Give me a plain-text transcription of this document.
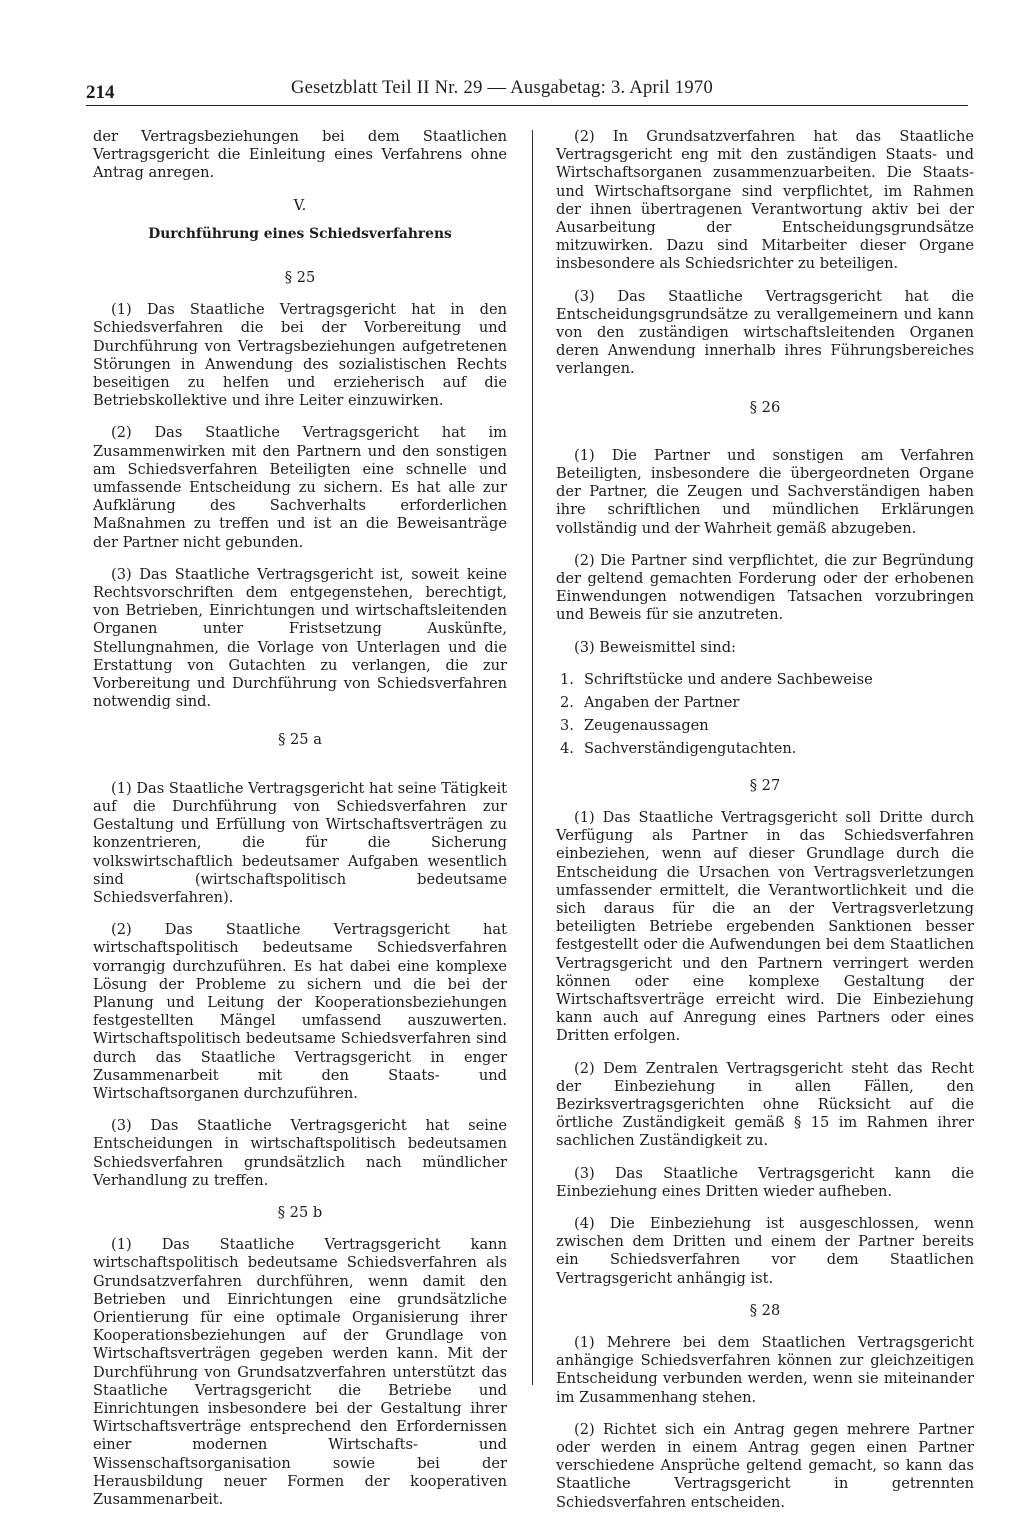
214	Gesetzblatt Teil II Nr. 29 — Ausgabetag: 3. April 1970

der Vertragsbeziehungen bei dem Staatlichen Vertragsgericht die Einleitung eines Verfahrens ohne Antrag anregen.

V.
Durchführung eines Schiedsverfahrens
§ 25

(1) Das Staatliche Vertragsgericht hat in den Schiedsverfahren die bei der Vorbereitung und Durchführung von Vertragsbeziehungen aufgetretenen Störungen in Anwendung des sozialistischen Rechts beseitigen zu helfen und erzieherisch auf die Betriebskollektive und ihre Leiter einzuwirken.

(2) Das Staatliche Vertragsgericht hat im Zusammenwirken mit den Partnern und den sonstigen am Schiedsverfahren Beteiligten eine schnelle und umfassende Entscheidung zu sichern. Es hat alle zur Aufklärung des Sachverhalts erforderlichen Maßnahmen zu treffen und ist an die Beweisanträge der Partner nicht gebunden.

(3) Das Staatliche Vertragsgericht ist, soweit keine Rechtsvorschriften dem entgegenstehen, berechtigt, von Betrieben, Einrichtungen und wirtschaftsleitenden Organen unter Fristsetzung Auskünfte, Stellungnahmen, die Vorlage von Unterlagen und die Erstattung von Gutachten zu verlangen, die zur Vorbereitung und Durchführung von Schiedsverfahren notwendig sind.

§ 25 a

(1) Das Staatliche Vertragsgericht hat seine Tätigkeit auf die Durchführung von Schiedsverfahren zur Gestaltung und Erfüllung von Wirtschaftsverträgen zu konzentrieren, die für die Sicherung volkswirtschaftlich bedeutsamer Aufgaben wesentlich sind (wirtschaftspolitisch bedeutsame Schiedsverfahren).

(2) Das Staatliche Vertragsgericht hat wirtschaftspolitisch bedeutsame Schiedsverfahren vorrangig durchzuführen. Es hat dabei eine komplexe Lösung der Probleme zu sichern und die bei der Planung und Leitung der Kooperationsbeziehungen festgestellten Mängel umfassend auszuwerten. Wirtschaftspolitisch bedeutsame Schiedsverfahren sind durch das Staatliche Vertragsgericht in enger Zusammenarbeit mit den Staats- und Wirtschaftsorganen durchzuführen.

(3) Das Staatliche Vertragsgericht hat seine Entscheidungen in wirtschaftspolitisch bedeutsamen Schiedsverfahren grundsätzlich nach mündlicher Verhandlung zu treffen.

§ 25 b

(1) Das Staatliche Vertragsgericht kann wirtschaftspolitisch bedeutsame Schiedsverfahren als Grundsatzverfahren durchführen, wenn damit den Betrieben und Einrichtungen eine grundsätzliche Orientierung für eine optimale Organisierung ihrer Kooperationsbeziehungen auf der Grundlage von Wirtschaftsverträgen gegeben werden kann. Mit der Durchführung von Grundsatzverfahren unterstützt das Staatliche Vertragsgericht die Betriebe und Einrichtungen insbesondere bei der Gestaltung ihrer Wirtschaftsverträge entsprechend den Erfordernissen einer modernen Wirtschafts- und Wissenschaftsorganisation sowie bei der Herausbildung neuer Formen der kooperativen Zusammenarbeit.

(2) In Grundsatzverfahren hat das Staatliche Vertragsgericht eng mit den zuständigen Staats- und Wirtschaftsorganen zusammenzuarbeiten. Die Staats- und Wirtschaftsorgane sind verpflichtet, im Rahmen der ihnen übertragenen Verantwortung aktiv bei der Ausarbeitung der Entscheidungsgrundsätze mitzuwirken. Dazu sind Mitarbeiter dieser Organe insbesondere als Schiedsrichter zu beteiligen.

(3) Das Staatliche Vertragsgericht hat die Entscheidungsgrundsätze zu verallgemeinern und kann von den zuständigen wirtschaftsleitenden Organen deren Anwendung innerhalb ihres Führungsbereiches verlangen.

§ 26

(1) Die Partner und sonstigen am Verfahren Beteiligten, insbesondere die übergeordneten Organe der Partner, die Zeugen und Sachverständigen haben ihre schriftlichen und mündlichen Erklärungen vollständig und der Wahrheit gemäß abzugeben.

(2) Die Partner sind verpflichtet, die zur Begründung der geltend gemachten Forderung oder der erhobenen Einwendungen notwendigen Tatsachen vorzubringen und Beweis für sie anzutreten.

(3) Beweismittel sind:

1. Schriftstücke und andere Sachbeweise
2. Angaben der Partner
3. Zeugenaussagen
4. Sachverständigengutachten.
§ 27

(1) Das Staatliche Vertragsgericht soll Dritte durch Verfügung als Partner in das Schiedsverfahren einbeziehen, wenn auf dieser Grundlage durch die Entscheidung die Ursachen von Vertragsverletzungen umfassender ermittelt, die Verantwortlichkeit und die sich daraus für die an der Vertragsverletzung beteiligten Betriebe ergebenden Sanktionen besser festgestellt oder die Aufwendungen bei dem Staatlichen Vertragsgericht und den Partnern verringert werden können oder eine komplexe Gestaltung der Wirtschaftsverträge erreicht wird. Die Einbeziehung kann auch auf Anregung eines Partners oder eines Dritten erfolgen.

(2) Dem Zentralen Vertragsgericht steht das Recht der Einbeziehung in allen Fällen, den Bezirksvertragsgerichten ohne Rücksicht auf die örtliche Zuständigkeit gemäß § 15 im Rahmen ihrer sachlichen Zuständigkeit zu.

(3) Das Staatliche Vertragsgericht kann die Einbeziehung eines Dritten wieder aufheben.

(4) Die Einbeziehung ist ausgeschlossen, wenn zwischen dem Dritten und einem der Partner bereits ein Schiedsverfahren vor dem Staatlichen Vertragsgericht anhängig ist.

§ 28

(1) Mehrere bei dem Staatlichen Vertragsgericht anhängige Schiedsverfahren können zur gleichzeitigen Entscheidung verbunden werden, wenn sie miteinander im Zusammenhang stehen.

(2) Richtet sich ein Antrag gegen mehrere Partner oder werden in einem Antrag gegen einen Partner verschiedene Ansprüche geltend gemacht, so kann das Staatliche Vertragsgericht in getrennten Schiedsverfahren entscheiden.
